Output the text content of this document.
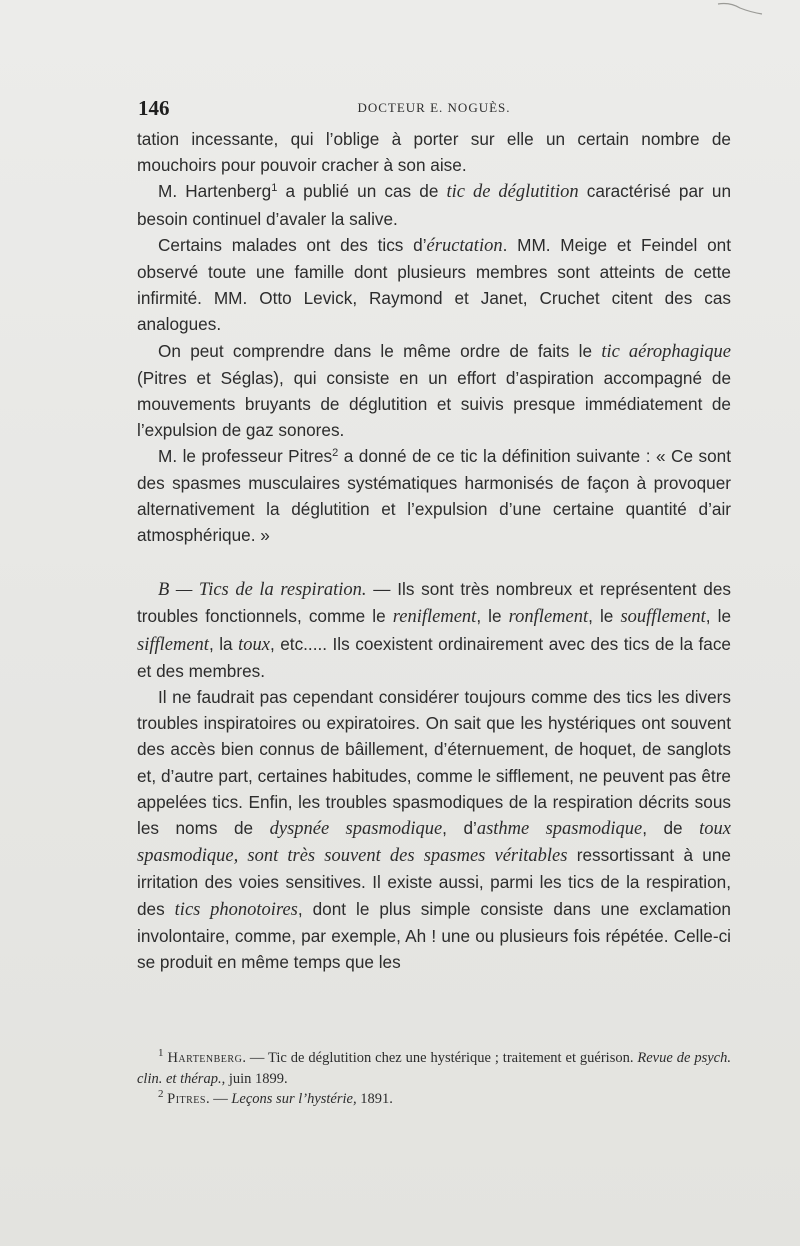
146	DOCTEUR E. NOGUÈS.

tation incessante, qui l’oblige à porter sur elle un certain nombre de mouchoirs pour pouvoir cracher à son aise.

M. Hartenberg$^1$ a publié un cas de tic de déglutition caractérisé par un besoin continuel d’avaler la salive.

Certains malades ont des tics d’éructation. MM. Meige et Feindel ont observé toute une famille dont plusieurs membres sont atteints de cette infirmité. MM. Otto Levick, Raymond et Janet, Cruchet citent des cas analogues.

On peut comprendre dans le même ordre de faits le tic aérophagique (Pitres et Séglas), qui consiste en un effort d’aspiration accompagné de mouvements bruyants de déglutition et suivis presque immédiatement de l’expulsion de gaz sonores.

M. le professeur Pitres$^2$ a donné de ce tic la définition suivante : « Ce sont des spasmes musculaires systématiques harmonisés de façon à provoquer alternativement la déglutition et l’expulsion d’une certaine quantité d’air atmosphérique. »

B — Tics de la respiration. — Ils sont très nombreux et représentent des troubles fonctionnels, comme le reniflement, le ronflement, le soufflement, le sifflement, la toux, etc..... Ils coexistent ordinairement avec des tics de la face et des membres.

Il ne faudrait pas cependant considérer toujours comme des tics les divers troubles inspiratoires ou expiratoires. On sait que les hystériques ont souvent des accès bien connus de bâillement, d’éternuement, de hoquet, de sanglots et, d’autre part, certaines habitudes, comme le sifflement, ne peuvent pas être appelées tics. Enfin, les troubles spasmodiques de la respiration décrits sous les noms de dyspnée spasmodique, d’asthme spasmodique, de toux spasmodique, sont très souvent des spasmes véritables ressortissant à une irritation des voies sensitives. Il existe aussi, parmi les tics de la respiration, des tics phonotoires, dont le plus simple consiste dans une exclamation involontaire, comme, par exemple, Ah ! une ou plusieurs fois répétée. Celle-ci se produit en même temps que les

$^1$ Hartenberg. — Tic de déglutition chez une hystérique ; traitement et guérison. Revue de psych. clin. et thérap., juin 1899.

$^2$ Pitres. — Leçons sur l’hystérie, 1891.
